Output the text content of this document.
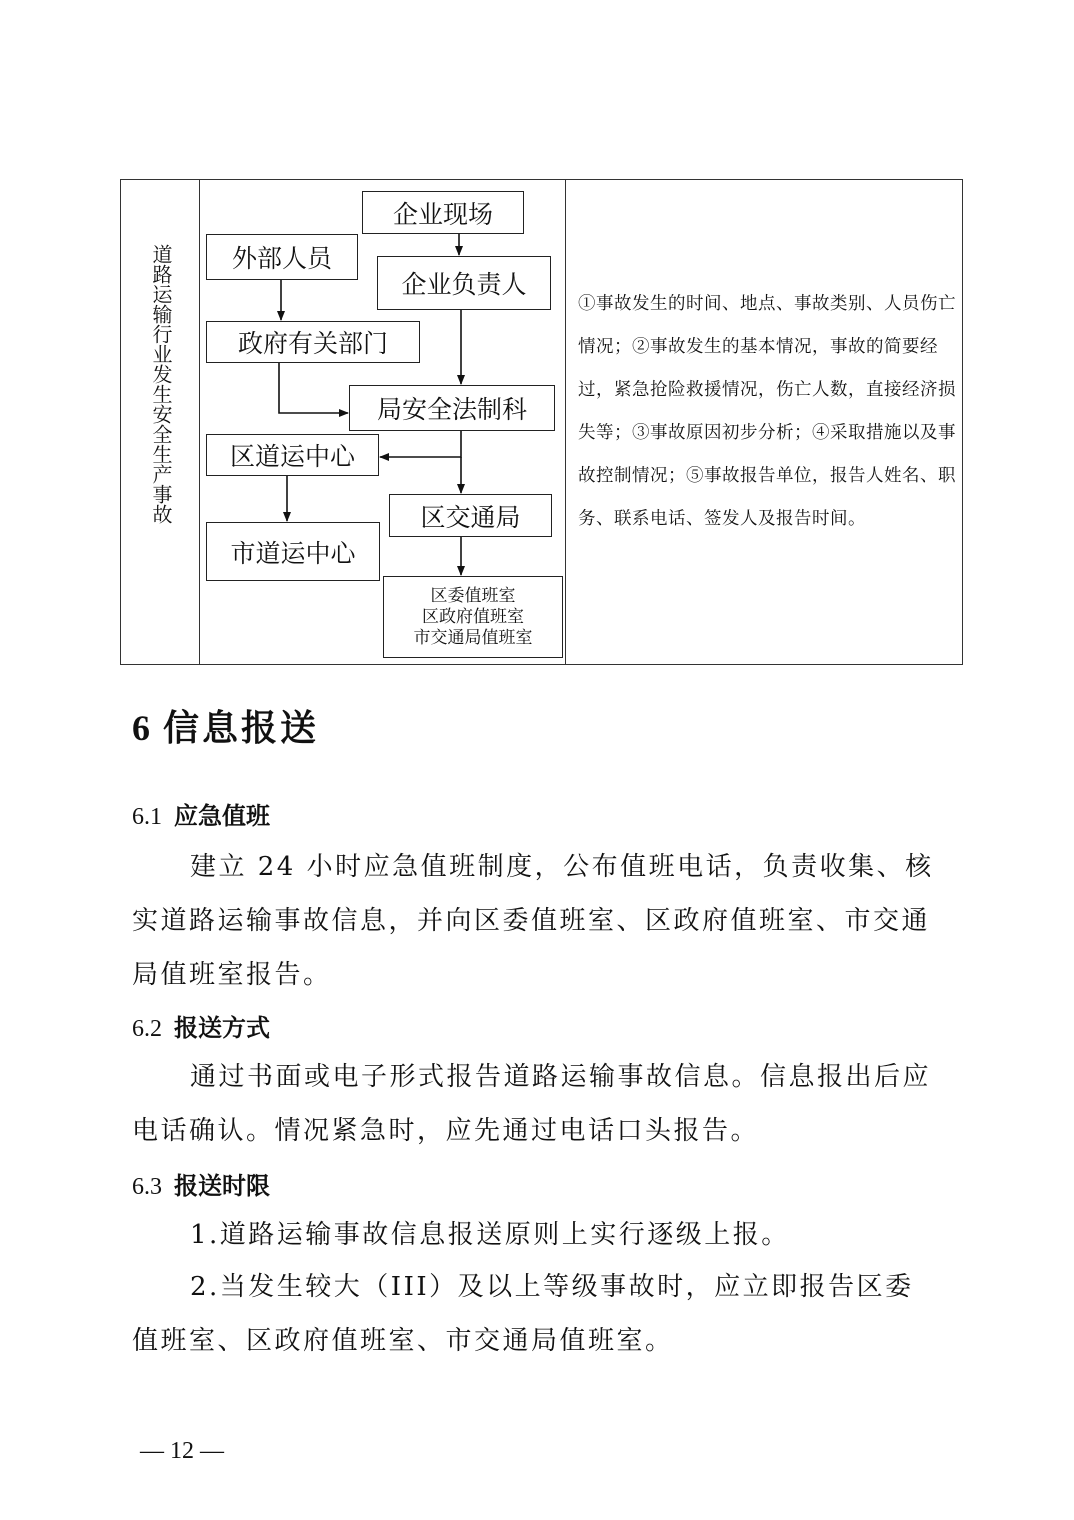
道路运输行业发生安全生产事故
企业现场
外部人员
企业负责人
政府有关部门
局安全法制科
区道运中心
区交通局
市道运中心
区委值班室
区政府值班室
市交通局值班室
①事故发生的时间、地点、事故类别、人员伤亡情况；②事故发生的基本情况，事故的简要经过，紧急抢险救援情况，伤亡人数，直接经济损失等；③事故原因初步分析；④采取措施以及事故控制情况；⑤事故报告单位，报告人姓名、职务、联系电话、签发人及报告时间。
6 信息报送
6.1 应急值班
建立 24 小时应急值班制度，公布值班电话，负责收集、核实道路运输事故信息，并向区委值班室、区政府值班室、市交通局值班室报告。
6.2 报送方式
通过书面或电子形式报告道路运输事故信息。信息报出后应电话确认。情况紧急时，应先通过电话口头报告。
6.3 报送时限
1.道路运输事故信息报送原则上实行逐级上报。
2.当发生较大（III）及以上等级事故时，应立即报告区委值班室、区政府值班室、市交通局值班室。
— 12 —
